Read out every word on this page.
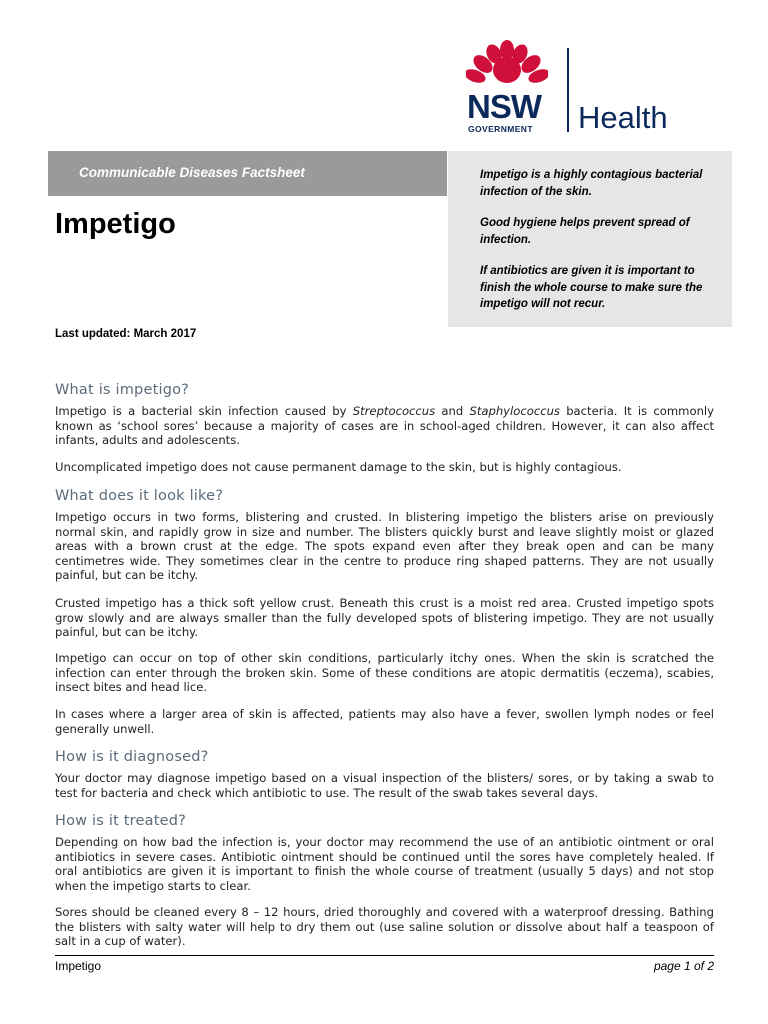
NSW
GOVERNMENT Health
Communicable Diseases Factsheet	Impetigo is a highly contagious bacterial infection of the skin.

Good hygiene helps prevent spread of infection.

If antibiotics are given it is important to finish the whole course to make sure the impetigo will not recur.

Impetigo
Last updated: March 2017
What is impetigo?

Impetigo is a bacterial skin infection caused by Streptococcus and Staphylococcus bacteria. It is commonly known as ‘school sores’ because a majority of cases are in school-aged children. However, it can also affect infants, adults and adolescents.

Uncomplicated impetigo does not cause permanent damage to the skin, but is highly contagious.

What does it look like?

Impetigo occurs in two forms, blistering and crusted. In blistering impetigo the blisters arise on previously normal skin, and rapidly grow in size and number. The blisters quickly burst and leave slightly moist or glazed areas with a brown crust at the edge. The spots expand even after they break open and can be many centimetres wide. They sometimes clear in the centre to produce ring shaped patterns. They are not usually painful, but can be itchy.

Crusted impetigo has a thick soft yellow crust. Beneath this crust is a moist red area. Crusted impetigo spots grow slowly and are always smaller than the fully developed spots of blistering impetigo. They are not usually painful, but can be itchy.

Impetigo can occur on top of other skin conditions, particularly itchy ones. When the skin is scratched the infection can enter through the broken skin. Some of these conditions are atopic dermatitis (eczema), scabies, insect bites and head lice.

In cases where a larger area of skin is affected, patients may also have a fever, swollen lymph nodes or feel generally unwell.

How is it diagnosed?

Your doctor may diagnose impetigo based on a visual inspection of the blisters/ sores, or by taking a swab to test for bacteria and check which antibiotic to use. The result of the swab takes several days.

How is it treated?

Depending on how bad the infection is, your doctor may recommend the use of an antibiotic ointment or oral antibiotics in severe cases. Antibiotic ointment should be continued until the sores have completely healed. If oral antibiotics are given it is important to finish the whole course of treatment (usually 5 days) and not stop when the impetigo starts to clear.

Sores should be cleaned every 8 – 12 hours, dried thoroughly and covered with a waterproof dressing. Bathing the blisters with salty water will help to dry them out (use saline solution or dissolve about half a teaspoon of salt in a cup of water).

Impetigo	page 1 of 2
